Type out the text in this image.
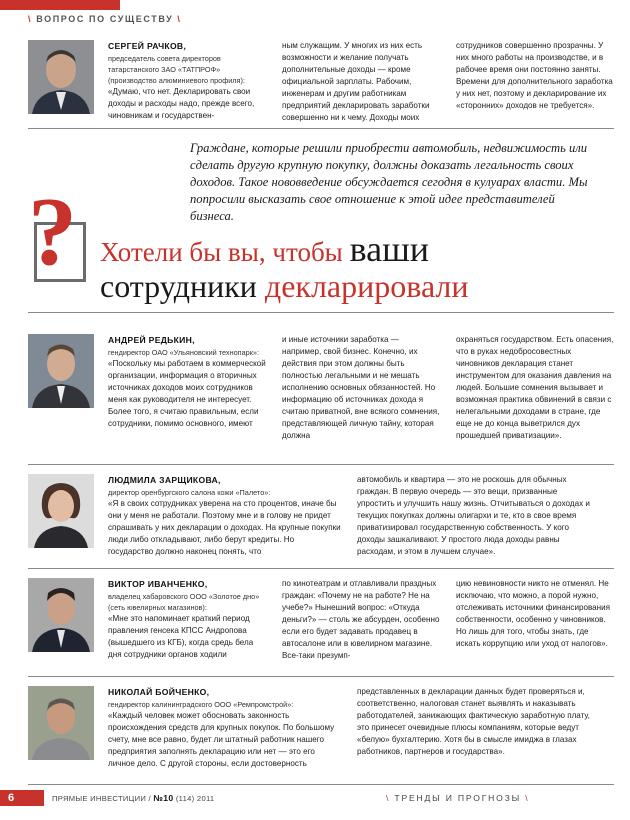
\ ВОПРОС ПО СУЩЕСТВУ \
СЕРГЕЙ РАЧКОВ,
председатель совета директоров татарстанского ЗАО «ТАТПРОФ» (производство алюминиевого профиля):
«Думаю, что нет. Декларировать свои доходы и расходы надо, прежде всего, чиновникам и государствен-
ным служащим. У многих из них есть возможности и желание получать дополнительные доходы — кроме официальной зарплаты. Рабочим, инженерам и другим работникам предприятий декларировать заработки совершенно ни к чему. Доходы моих
сотрудников совершенно прозрачны. У них много работы на производстве, и в рабочее время они постоянно заняты. Времени для дополнительного заработка у них нет, поэтому и декларирование их «сторонних» доходов не требуется».
Граждане, которые решили приобрести автомобиль, недвижимость или сделать другую крупную покупку, должны доказать легальность своих доходов. Такое нововведение обсуждается сегодня в кулуарах власти. Мы попросили высказать свое отношение к этой идее представителей бизнеса.
? Хотели бы вы, чтобы ваши
сотрудники декларировали
АНДРЕЙ РЕДЬКИН,
гендиректор ОАО «Ульяновский технопарк»:
«Поскольку мы работаем в коммерческой организации, информация о вторичных источниках доходов моих сотрудников меня как руководителя не интересует. Более того, я считаю правильным, если сотрудники, помимо основного, имеют
и иные источники заработка — например, свой бизнес. Конечно, их действия при этом должны быть полностью легальными и не мешать исполнению основных обязанностей. Но информацию об источниках дохода я считаю приватной, вне всякого сомнения, представляющей личную тайну, которая должна
охраняться государством. Есть опасения, что в руках недобросовестных чиновников декларация станет инструментом для оказания давления на людей. Большие сомнения вызывает и возможная практика обвинений в связи с нелегальными доходами в стране, где еще не до конца выветрился дух прошедшей приватизации».
ЛЮДМИЛА ЗАРЩИКОВА,
директор оренбургского салона кожи «Палето»:
«Я в своих сотрудниках уверена на сто процентов, иначе бы они у меня не работали. Поэтому мне и в голову не придет спрашивать у них декларации о доходах. На крупные покупки люди либо откладывают, либо берут кредиты. Но государство должно наконец понять, что
автомобиль и квартира — это не роскошь для обычных граждан. В первую очередь — это вещи, призванные упростить и улучшить нашу жизнь. Отчитываться о доходах и текущих покупках должны олигархи и те, кто в свое время приватизировал государственную собственность. У кого доходы зашкаливают. У простого люда доходы равны расходам, и этом в лучшем случае».
ВИКТОР ИВАНЧЕНКО,
владелец хабаровского ООО «Золотое дно» (сеть ювелирных магазинов):
«Мне это напоминает краткий период правления генсека КПСС Андропова (вышедшего из КГБ), когда средь бела дня сотрудники органов ходили
по кинотеатрам и отлавливали праздных граждан: «Почему не на работе? Не на учебе?» Нынешний вопрос: «Откуда деньги?» — столь же абсурден, особенно если его будет задавать продавец в автосалоне или в ювелирном магазине. Все-таки презумп-
цию невиновности никто не отменял. Не исключаю, что можно, а порой нужно, отслеживать источники финансирования собственности, особенно у чиновников. Но лишь для того, чтобы знать, где искать коррупцию или уход от налогов».
НИКОЛАЙ БОЙЧЕНКО,
гендиректор калининградского ООО «Ремпромстрой»:
«Каждый человек может обосновать законность происхождения средств для крупных покупок. По большому счету, мне все равно, будет ли штатный работник нашего предприятия заполнять декларацию или нет — это его личное дело. С другой стороны, если достоверность
представленных в декларации данных будет проверяться и, соответственно, налоговая станет выявлять и наказывать работодателей, занижающих фактическую заработную плату, это принесет очевидные плюсы компаниям, которые ведут «белую» бухгалтерию. Хотя бы в смысле имиджа в глазах работников, партнеров и государства».
6	ПРЯМЫЕ ИНВЕСТИЦИИ / №10 (114) 2011	\ ТРЕНДЫ И ПРОГНОЗЫ \
